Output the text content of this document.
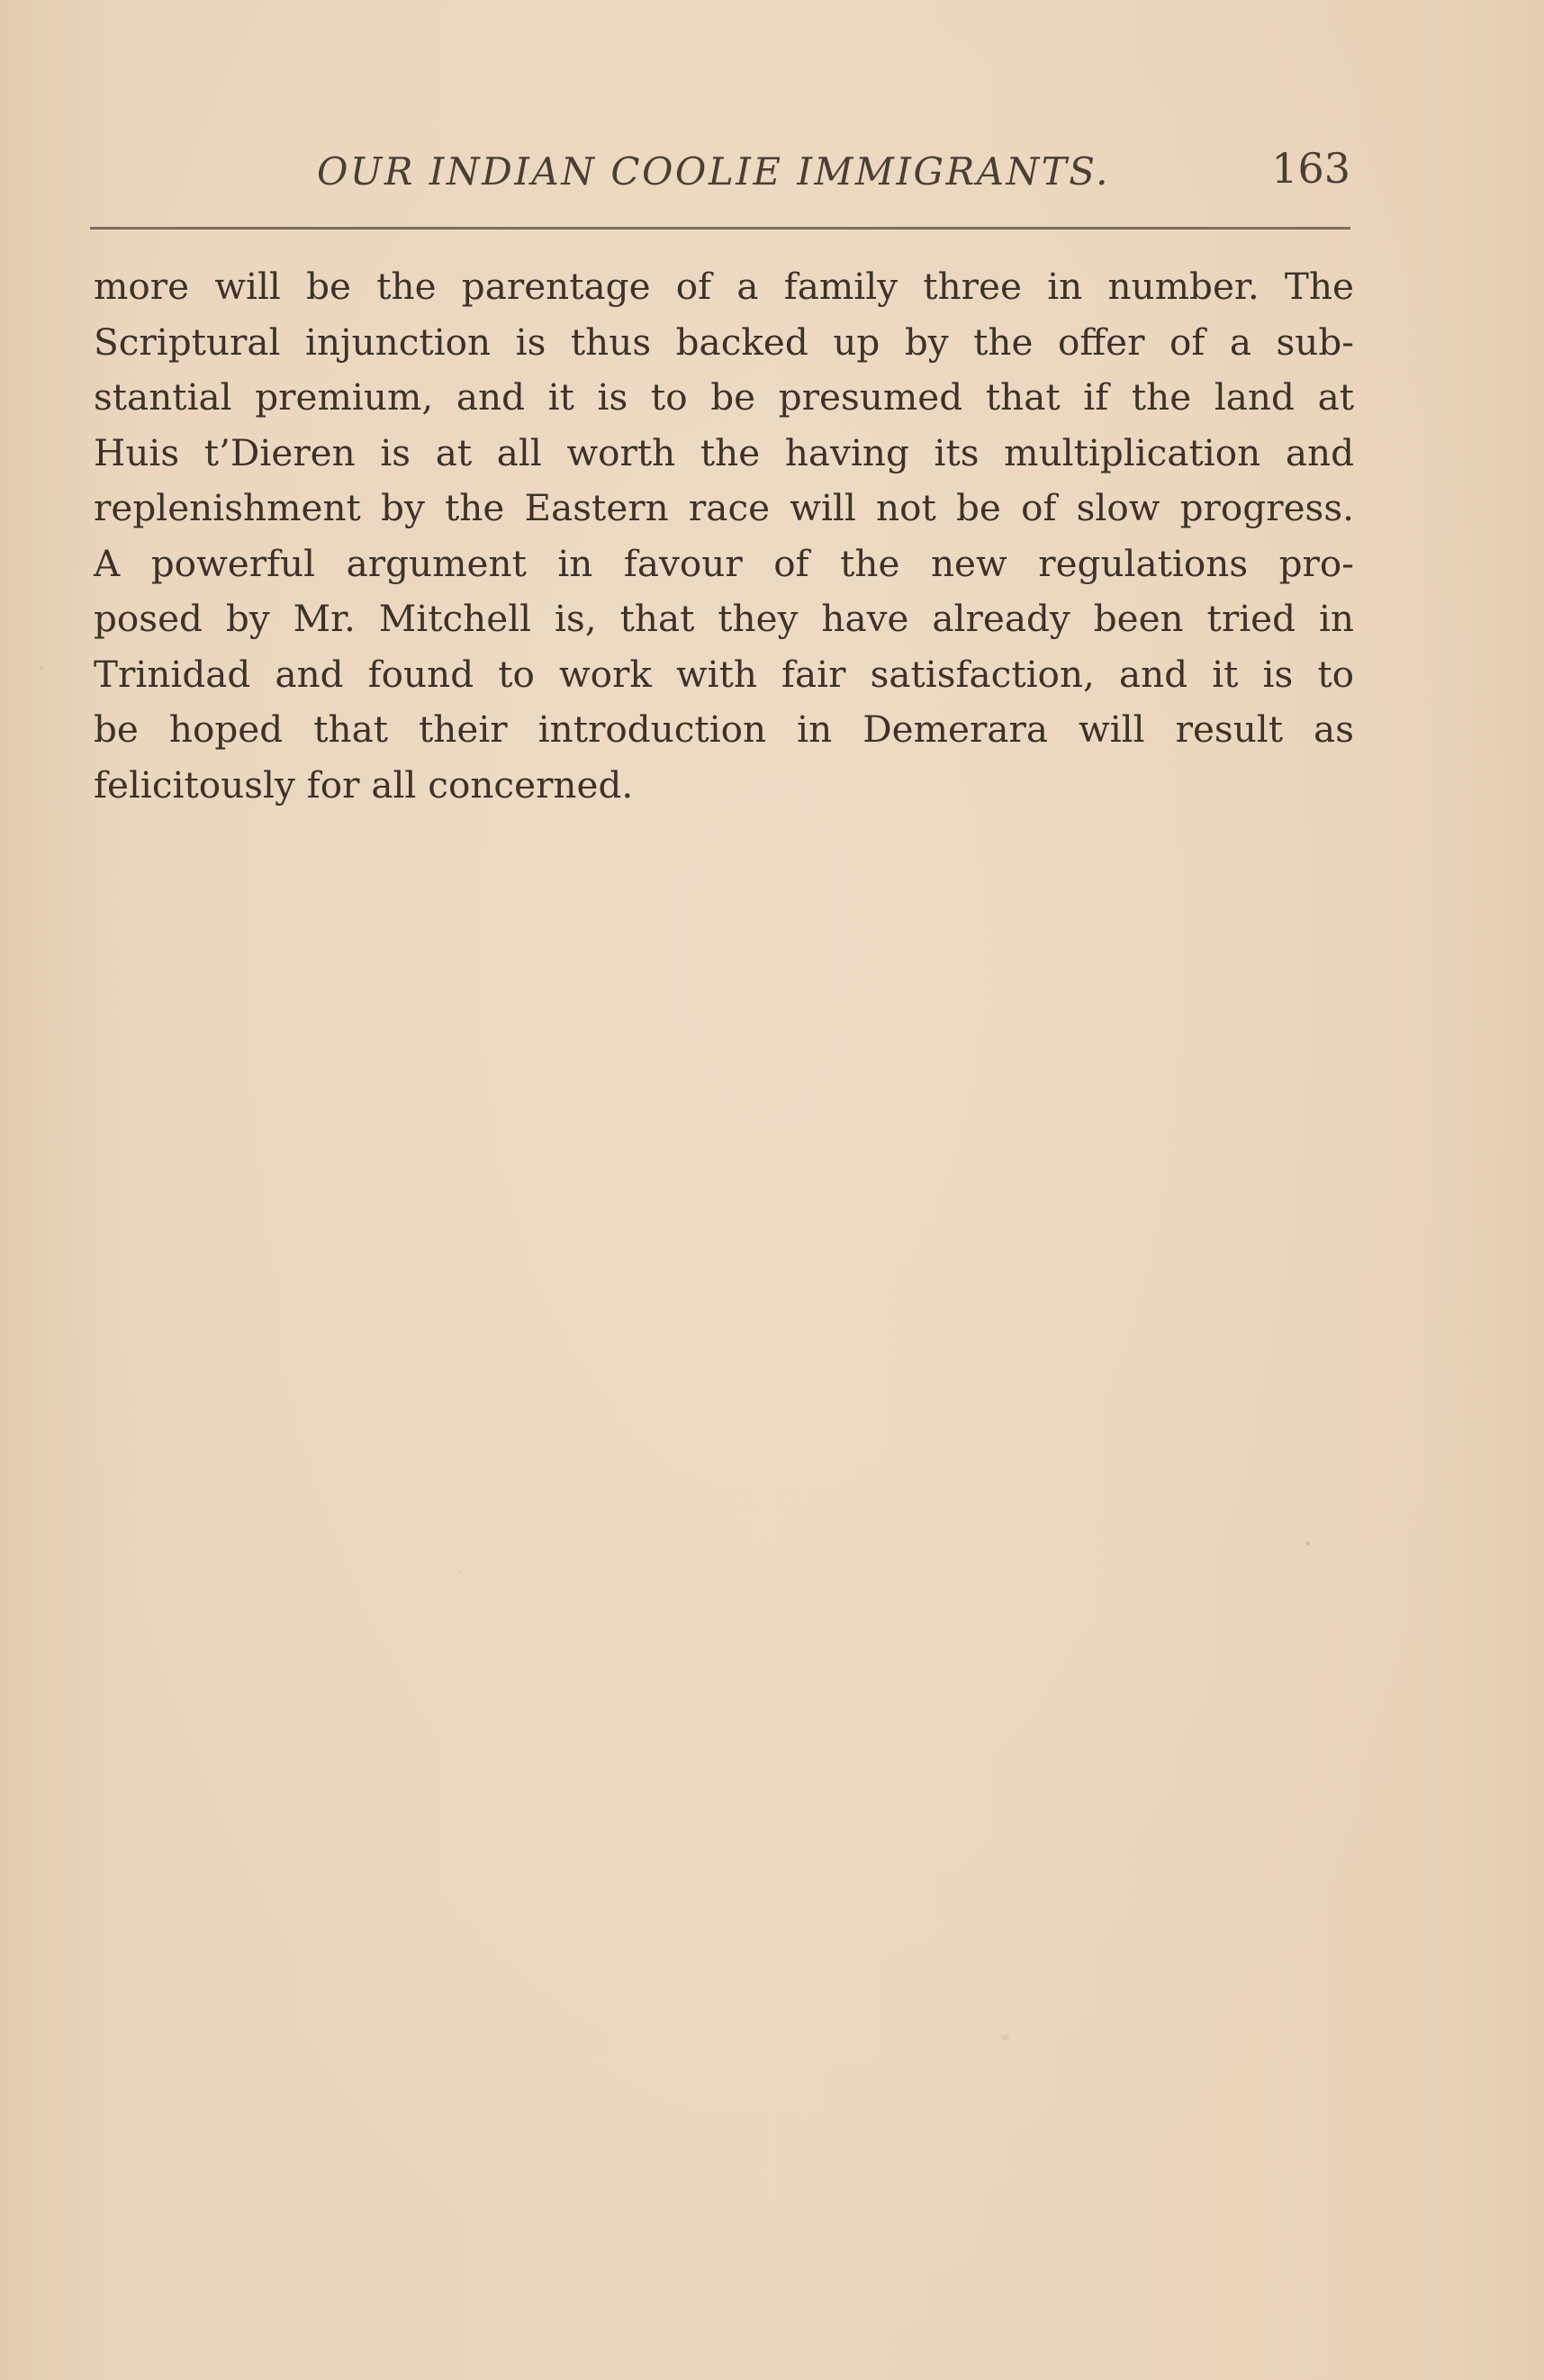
OUR INDIAN COOLIE IMMIGRANTS.	163
more will be the parentage of a family three in number. The
Scriptural injunction is thus backed up by the offer of a sub-
stantial premium, and it is to be presumed that if the land at
Huis t’Dieren is at all worth the having its multiplication and
replenishment by the Eastern race will not be of slow progress.
A powerful argument in favour of the new regulations pro-
posed by Mr. Mitchell is, that they have already been tried in
Trinidad and found to work with fair satisfaction, and it is to
be hoped that their introduction in Demerara will result as
felicitously for all concerned.
